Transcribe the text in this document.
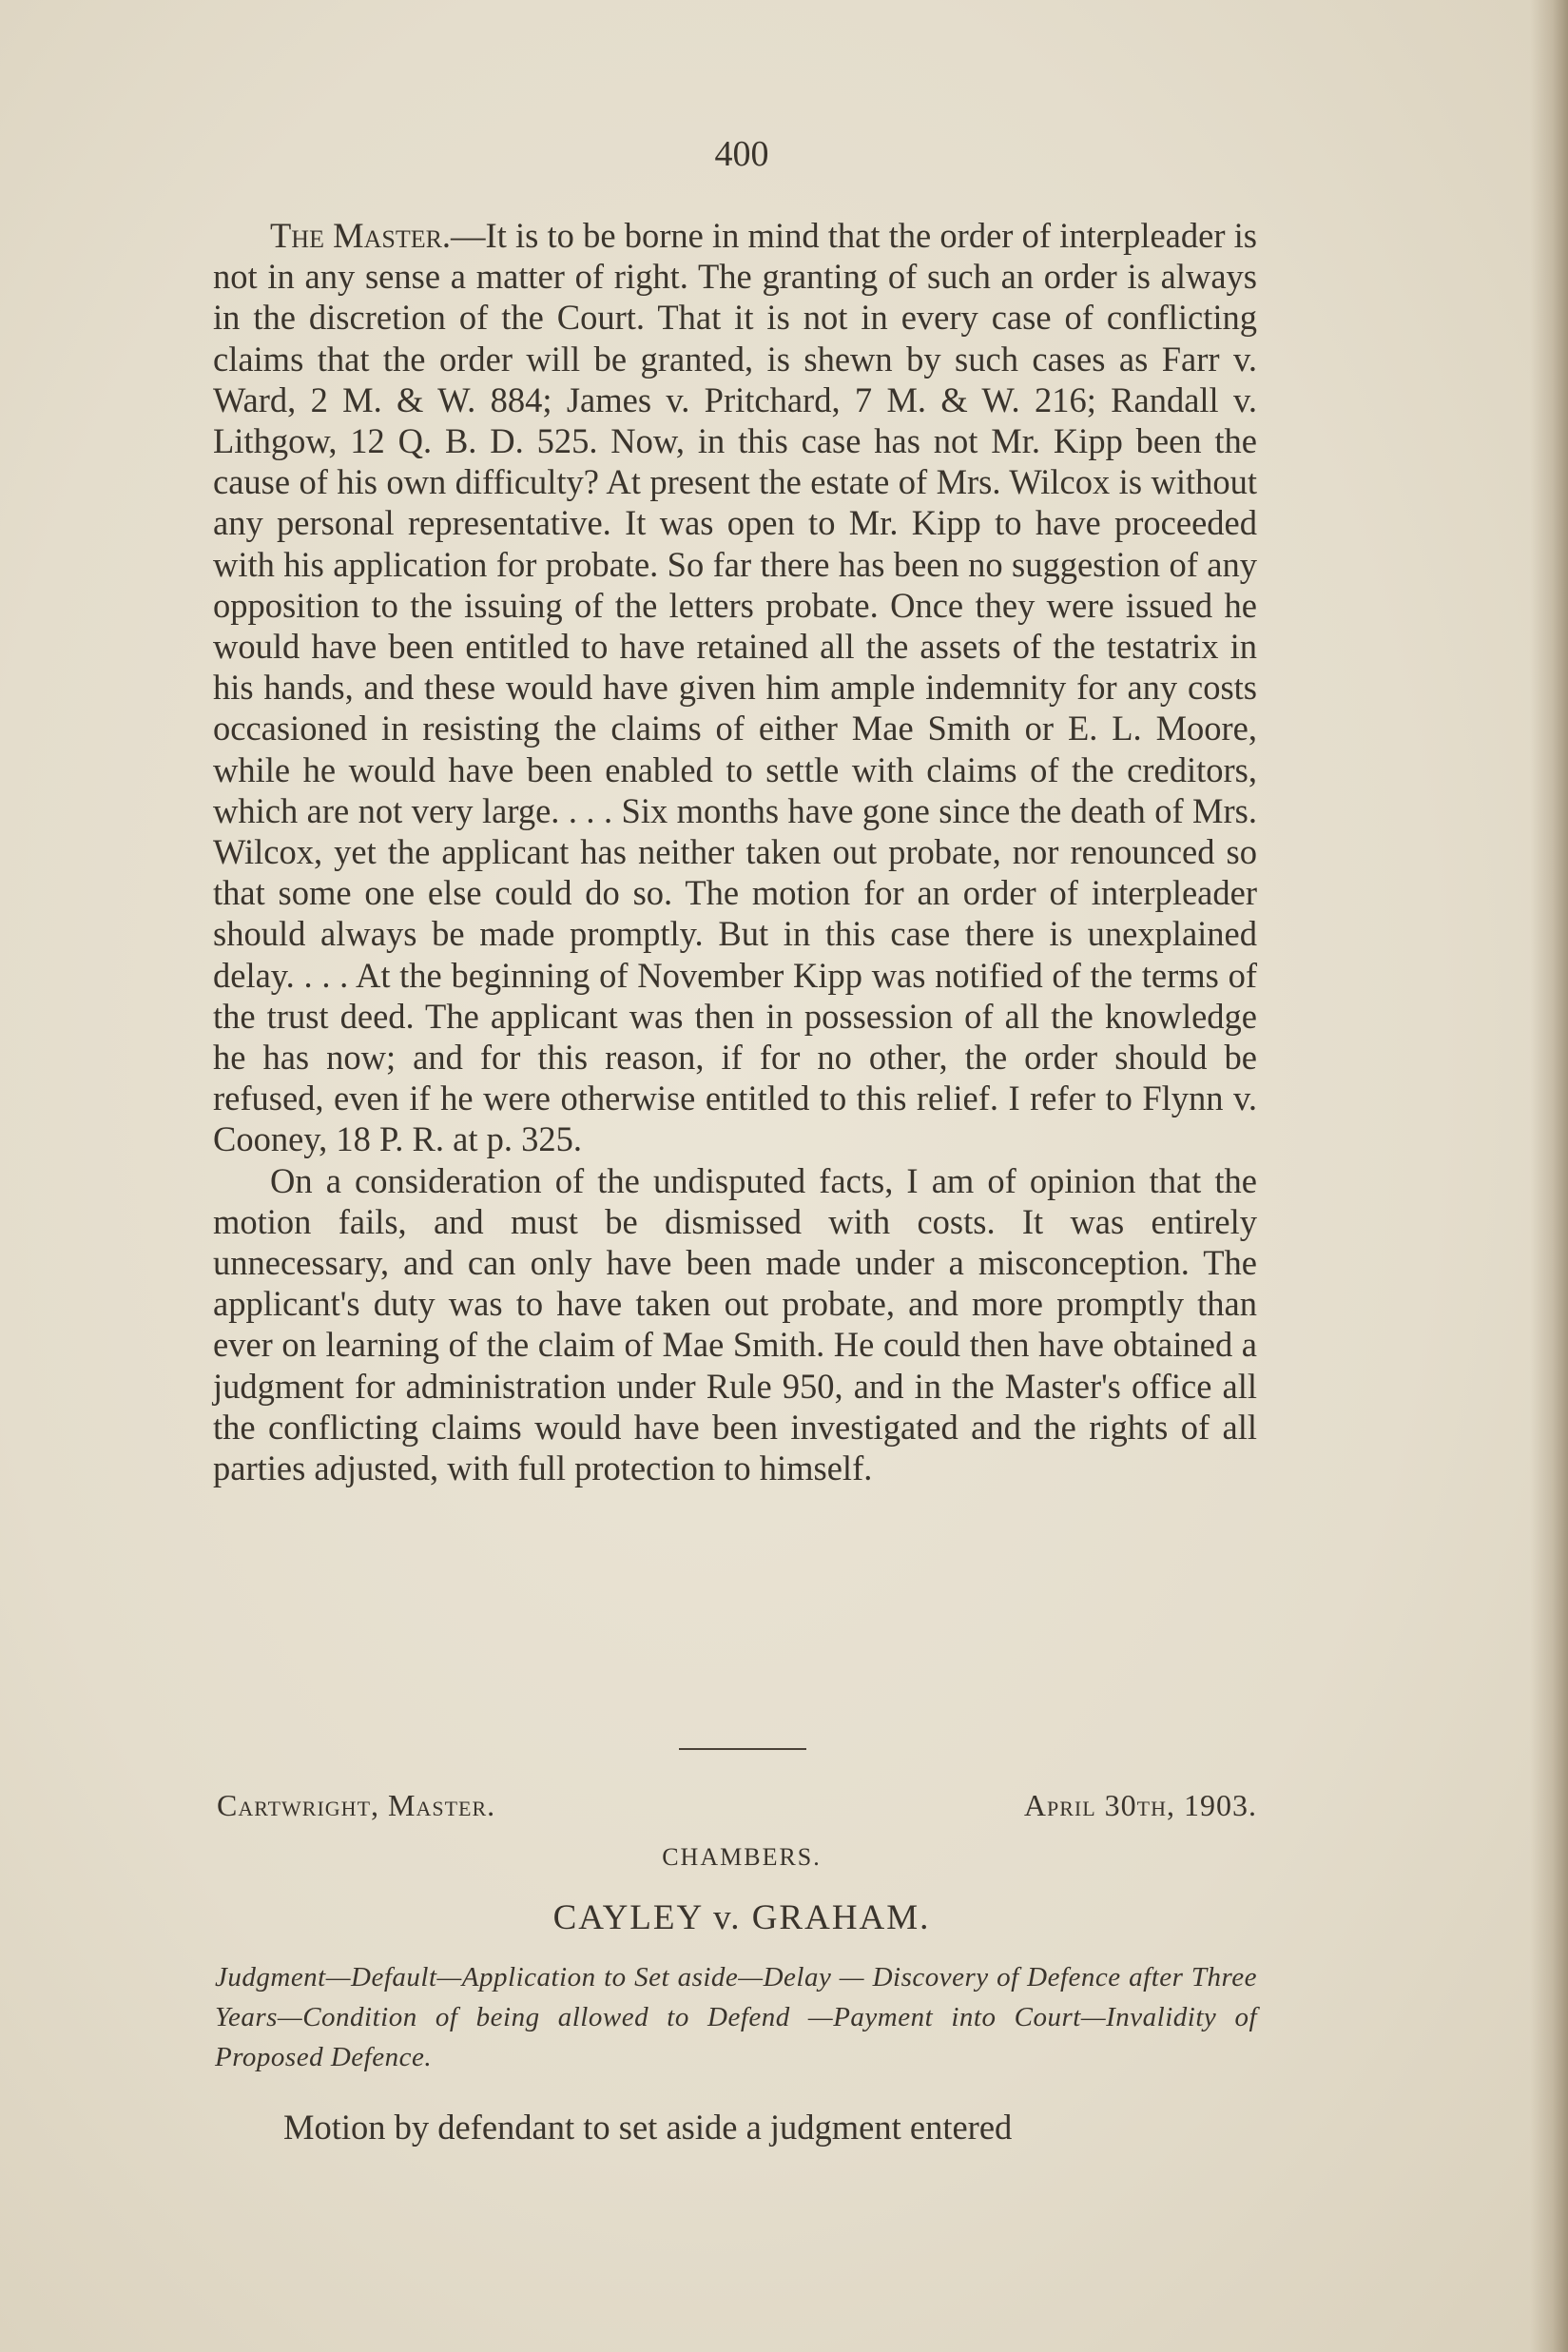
400

The Master.—It is to be borne in mind that the order of interpleader is not in any sense a matter of right. The granting of such an order is always in the discretion of the Court. That it is not in every case of conflicting claims that the order will be granted, is shewn by such cases as Farr v. Ward, 2 M. & W. 884; James v. Pritchard, 7 M. & W. 216; Randall v. Lithgow, 12 Q. B. D. 525. Now, in this case has not Mr. Kipp been the cause of his own difficulty? At present the estate of Mrs. Wilcox is without any personal representative. It was open to Mr. Kipp to have proceeded with his application for probate. So far there has been no suggestion of any opposition to the issuing of the letters probate. Once they were issued he would have been entitled to have retained all the assets of the testatrix in his hands, and these would have given him ample indemnity for any costs occasioned in resisting the claims of either Mae Smith or E. L. Moore, while he would have been enabled to settle with claims of the creditors, which are not very large. . . . Six months have gone since the death of Mrs. Wilcox, yet the applicant has neither taken out probate, nor renounced so that some one else could do so. The motion for an order of interpleader should always be made promptly. But in this case there is unexplained delay. . . . At the beginning of November Kipp was notified of the terms of the trust deed. The applicant was then in possession of all the knowledge he has now; and for this reason, if for no other, the order should be refused, even if he were otherwise entitled to this relief. I refer to Flynn v. Cooney, 18 P. R. at p. 325.

On a consideration of the undisputed facts, I am of opinion that the motion fails, and must be dismissed with costs. It was entirely unnecessary, and can only have been made under a misconception. The applicant's duty was to have taken out probate, and more promptly than ever on learning of the claim of Mae Smith. He could then have obtained a judgment for administration under Rule 950, and in the Master's office all the conflicting claims would have been investigated and the rights of all parties adjusted, with full protection to himself.

Cartwright, Master.	April 30th, 1903.
CHAMBERS.
CAYLEY v. GRAHAM.
Judgment—Default—Application to Set aside—Delay — Discovery of Defence after Three Years—Condition of being allowed to Defend —Payment into Court—Invalidity of Proposed Defence.
Motion by defendant to set aside a judgment entered
